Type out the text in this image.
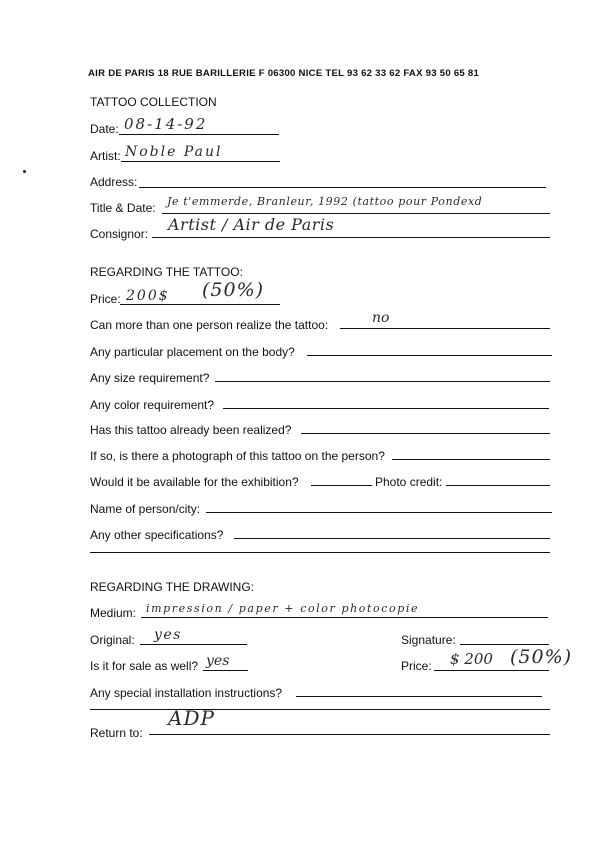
AIR DE PARIS 18 RUE BARILLERIE F 06300 NICE TEL 93 62 33 62 FAX 93 50 65 81
TATTOO COLLECTION
Date: 08-14-92
Artist: Noble Paul
Address:
Title & Date: Je t'emmerde, Branleur, 1992 (tattoo pour Pondexd
Consignor: Artist / Air de Paris
REGARDING THE TATTOO:
Price: 200$ (50%)
Can more than one person realize the tattoo:	no
Any particular placement on the body?
Any size requirement?
Any color requirement?
Has this tattoo already been realized?
If so, is there a photograph of this tattoo on the person?
Would it be available for the exhibition?	Photo credit:
Name of person/city:
Any other specifications?
REGARDING THE DRAWING:
Medium: impression / paper + color photocopie
Original: yes	Signature:
Is it for sale as well? yes	Price: $ 200 (50%)
Any special installation instructions?
Return to:
ADP
